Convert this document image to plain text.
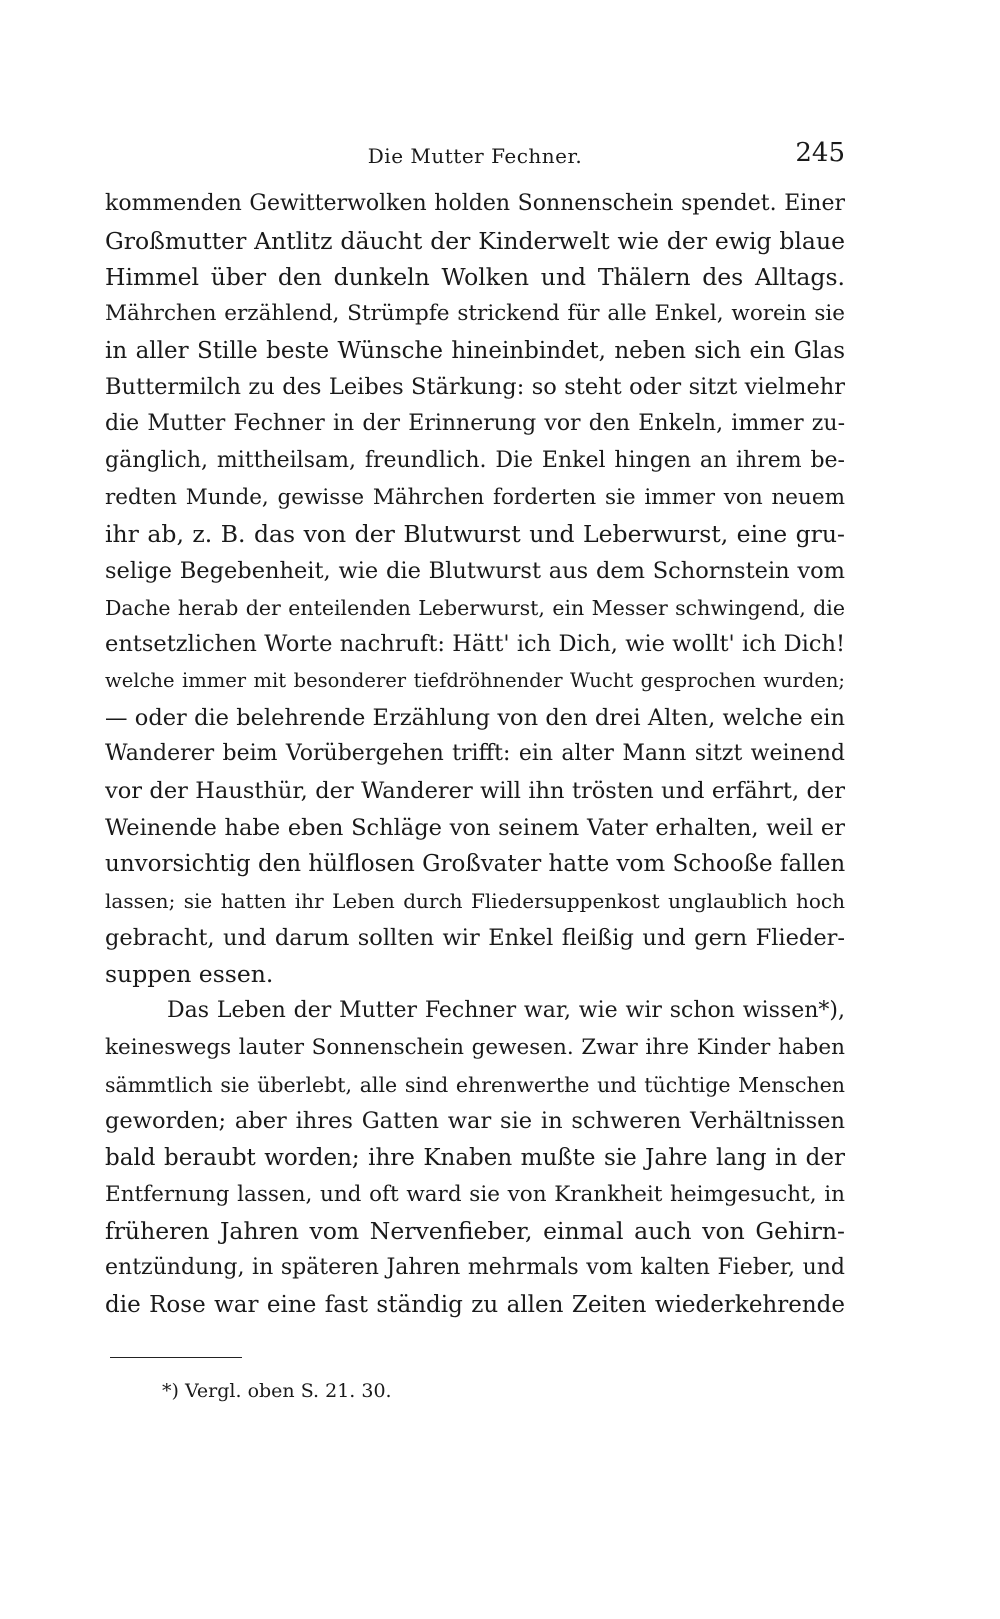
Die Mutter Fechner.	245
kommenden Gewitterwolken holden Sonnenschein spendet. Einer
Großmutter Antlitz däucht der Kinderwelt wie der ewig blaue
Himmel über den dunkeln Wolken und Thälern des Alltags.
Mährchen erzählend, Strümpfe strickend für alle Enkel, worein sie
in aller Stille beste Wünsche hineinbindet, neben sich ein Glas
Buttermilch zu des Leibes Stärkung: so steht oder sitzt vielmehr
die Mutter Fechner in der Erinnerung vor den Enkeln, immer zu-
gänglich, mittheilsam, freundlich. Die Enkel hingen an ihrem be-
redten Munde, gewisse Mährchen forderten sie immer von neuem
ihr ab, z. B. das von der Blutwurst und Leberwurst, eine gru-
selige Begebenheit, wie die Blutwurst aus dem Schornstein vom
Dache herab der enteilenden Leberwurst, ein Messer schwingend, die
entsetzlichen Worte nachruft: Hätt' ich Dich, wie wollt' ich Dich!
welche immer mit besonderer tiefdröhnender Wucht gesprochen wurden;
— oder die belehrende Erzählung von den drei Alten, welche ein
Wanderer beim Vorübergehen trifft: ein alter Mann sitzt weinend
vor der Hausthür, der Wanderer will ihn trösten und erfährt, der
Weinende habe eben Schläge von seinem Vater erhalten, weil er
unvorsichtig den hülflosen Großvater hatte vom Schooße fallen
lassen; sie hatten ihr Leben durch Fliedersuppenkost unglaublich hoch
gebracht, und darum sollten wir Enkel fleißig und gern Flieder-
suppen essen.
Das Leben der Mutter Fechner war, wie wir schon wissen*),
keineswegs lauter Sonnenschein gewesen. Zwar ihre Kinder haben
sämmtlich sie überlebt, alle sind ehrenwerthe und tüchtige Menschen
geworden; aber ihres Gatten war sie in schweren Verhältnissen
bald beraubt worden; ihre Knaben mußte sie Jahre lang in der
Entfernung lassen, und oft ward sie von Krankheit heimgesucht, in
früheren Jahren vom Nervenfieber, einmal auch von Gehirn-
entzündung, in späteren Jahren mehrmals vom kalten Fieber, und
die Rose war eine fast ständig zu allen Zeiten wiederkehrende
*) Vergl. oben S. 21. 30.
